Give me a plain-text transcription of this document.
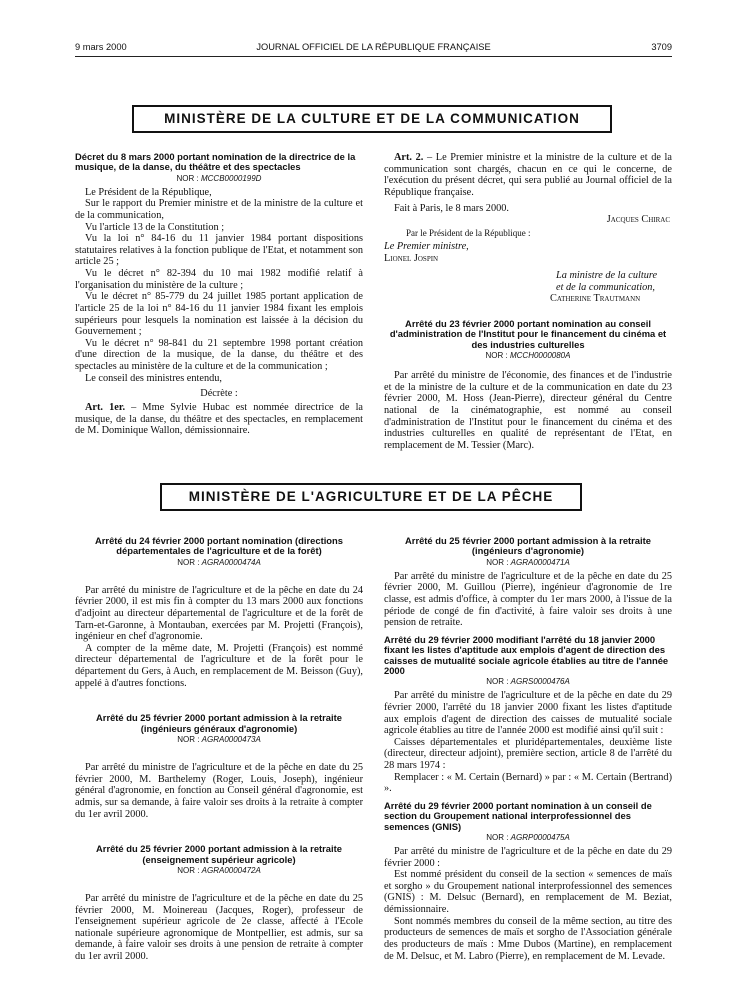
9 mars 2000	JOURNAL OFFICIEL DE LA RÉPUBLIQUE FRANÇAISE	3709
MINISTÈRE DE LA CULTURE ET DE LA COMMUNICATION
Décret du 8 mars 2000 portant nomination de la directrice de la musique, de la danse, du théâtre et des spectacles
NOR : MCCB0000199D

Le Président de la République,

Sur le rapport du Premier ministre et de la ministre de la culture et de la communication,

Vu l'article 13 de la Constitution ;

Vu la loi n° 84-16 du 11 janvier 1984 portant dispositions statutaires relatives à la fonction publique de l'Etat, et notamment son article 25 ;

Vu le décret n° 82-394 du 10 mai 1982 modifié relatif à l'organisation du ministère de la culture ;

Vu le décret n° 85-779 du 24 juillet 1985 portant application de l'article 25 de la loi n° 84-16 du 11 janvier 1984 fixant les emplois supérieurs pour lesquels la nomination est laissée à la décision du Gouvernement ;

Vu le décret n° 98-841 du 21 septembre 1998 portant création d'une direction de la musique, de la danse, du théâtre et des spectacles au ministère de la culture et de la communication ;

Le conseil des ministres entendu,

Décrète :

Art. 1er. – Mme Sylvie Hubac est nommée directrice de la musique, de la danse, du théâtre et des spectacles, en remplacement de M. Dominique Wallon, démissionnaire.

Art. 2. – Le Premier ministre et la ministre de la culture et de la communication sont chargés, chacun en ce qui le concerne, de l'exécution du présent décret, qui sera publié au Journal officiel de la République française.

Fait à Paris, le 8 mars 2000.

Jacques Chirac
Par le Président de la République :
Le Premier ministre,
Lionel Jospin
La ministre de la culture
et de la communication,
Catherine Trautmann
Arrêté du 23 février 2000 portant nomination au conseil d'administration de l'Institut pour le financement du cinéma et des industries culturelles
NOR : MCCH0000080A

Par arrêté du ministre de l'économie, des finances et de l'industrie et de la ministre de la culture et de la communication en date du 23 février 2000, M. Hoss (Jean-Pierre), directeur général du Centre national de la cinématographie, est nommé au conseil d'administration de l'Institut pour le financement du cinéma et des industries culturelles en qualité de représentant de l'Etat, en remplacement de M. Tessier (Marc).

MINISTÈRE DE L'AGRICULTURE ET DE LA PÊCHE
Arrêté du 24 février 2000 portant nomination (directions départementales de l'agriculture et de la forêt)
NOR : AGRA0000474A

Par arrêté du ministre de l'agriculture et de la pêche en date du 24 février 2000, il est mis fin à compter du 13 mars 2000 aux fonctions d'adjoint au directeur départemental de l'agriculture et de la forêt de Tarn-et-Garonne, à Montauban, exercées par M. Projetti (François), ingénieur en chef d'agronomie.

A compter de la même date, M. Projetti (François) est nommé directeur départemental de l'agriculture et de la forêt pour le département du Gers, à Auch, en remplacement de M. Beisson (Guy), appelé à d'autres fonctions.

Arrêté du 25 février 2000 portant admission à la retraite (ingénieurs généraux d'agronomie)
NOR : AGRA0000473A

Par arrêté du ministre de l'agriculture et de la pêche en date du 25 février 2000, M. Barthelemy (Roger, Louis, Joseph), ingénieur général d'agronomie, en fonction au Conseil général d'agronomie, est admis, sur sa demande, à faire valoir ses droits à la retraite à compter du 1er avril 2000.

Arrêté du 25 février 2000 portant admission à la retraite (enseignement supérieur agricole)
NOR : AGRA0000472A

Par arrêté du ministre de l'agriculture et de la pêche en date du 25 février 2000, M. Moinereau (Jacques, Roger), professeur de l'enseignement supérieur agricole de 2e classe, affecté à l'Ecole nationale supérieure agronomique de Montpellier, est admis, sur sa demande, à faire valoir ses droits à une pension de retraite à compter du 1er avril 2000.

Arrêté du 25 février 2000 portant admission à la retraite (ingénieurs d'agronomie)
NOR : AGRA0000471A

Par arrêté du ministre de l'agriculture et de la pêche en date du 25 février 2000, M. Guillou (Pierre), ingénieur d'agronomie de 1re classe, est admis d'office, à compter du 1er mars 2000, à l'issue de la période de congé de fin d'activité, à faire valoir ses droits à une pension de retraite.

Arrêté du 29 février 2000 modifiant l'arrêté du 18 janvier 2000 fixant les listes d'aptitude aux emplois d'agent de direction des caisses de mutualité sociale agricole établies au titre de l'année 2000
NOR : AGRS0000476A

Par arrêté du ministre de l'agriculture et de la pêche en date du 29 février 2000, l'arrêté du 18 janvier 2000 fixant les listes d'aptitude aux emplois d'agent de direction des caisses de mutualité sociale agricole établies au titre de l'année 2000 est modifié ainsi qu'il suit :

Caisses départementales et pluridépartementales, deuxième liste (directeur, directeur adjoint), première section, article 8 de l'arrêté du 28 mars 1974 :

Remplacer : « M. Certain (Bernard) » par : « M. Certain (Bertrand) ».

Arrêté du 29 février 2000 portant nomination à un conseil de section du Groupement national interprofessionnel des semences (GNIS)
NOR : AGRP0000475A

Par arrêté du ministre de l'agriculture et de la pêche en date du 29 février 2000 :

Est nommé président du conseil de la section « semences de maïs et sorgho » du Groupement national interprofessionnel des semences (GNIS) : M. Delsuc (Bernard), en remplacement de M. Beziat, démissionnaire.

Sont nommés membres du conseil de la même section, au titre des producteurs de semences de maïs et sorgho de l'Association générale des producteurs de maïs : Mme Dubos (Martine), en remplacement de M. Delsuc, et M. Labro (Pierre), en remplacement de M. Levade.
